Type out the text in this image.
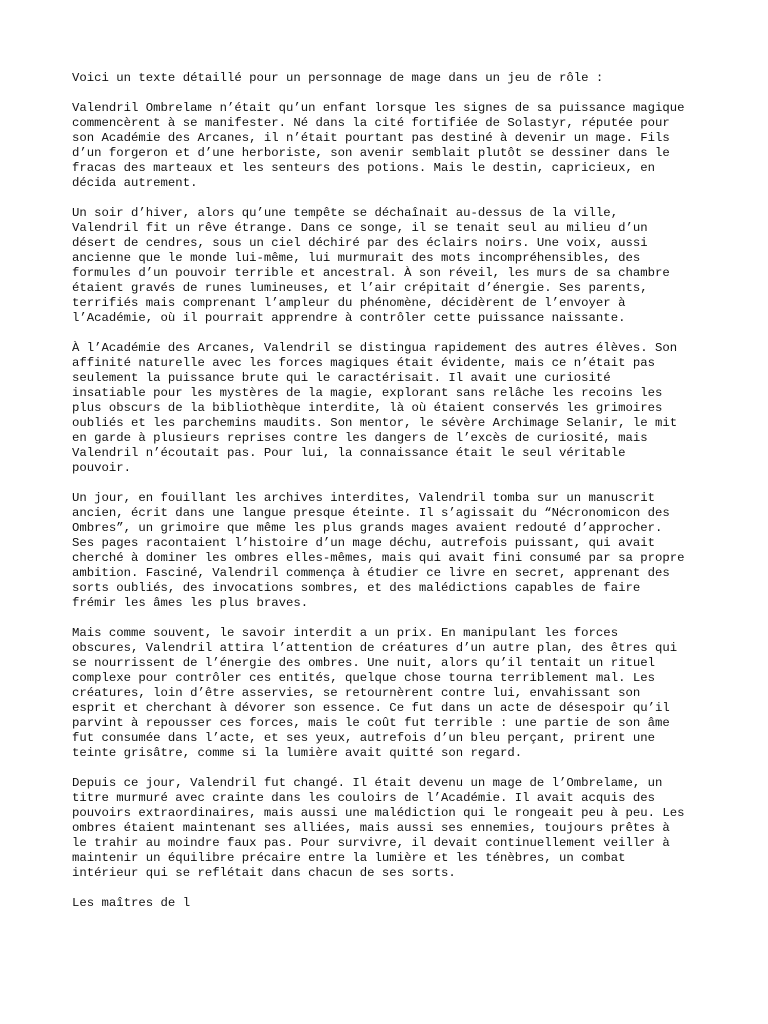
Voici un texte détaillé pour un personnage de mage dans un jeu de rôle :
Valendril Ombrelame n’était qu’un enfant lorsque les signes de sa puissance magique
commencèrent à se manifester. Né dans la cité fortifiée de Solastyr, réputée pour
son Académie des Arcanes, il n’était pourtant pas destiné à devenir un mage. Fils
d’un forgeron et d’une herboriste, son avenir semblait plutôt se dessiner dans le
fracas des marteaux et les senteurs des potions. Mais le destin, capricieux, en
décida autrement.
Un soir d’hiver, alors qu’une tempête se déchaînait au-dessus de la ville,
Valendril fit un rêve étrange. Dans ce songe, il se tenait seul au milieu d’un
désert de cendres, sous un ciel déchiré par des éclairs noirs. Une voix, aussi
ancienne que le monde lui-même, lui murmurait des mots incompréhensibles, des
formules d’un pouvoir terrible et ancestral. À son réveil, les murs de sa chambre
étaient gravés de runes lumineuses, et l’air crépitait d’énergie. Ses parents,
terrifiés mais comprenant l’ampleur du phénomène, décidèrent de l’envoyer à
l’Académie, où il pourrait apprendre à contrôler cette puissance naissante.
À l’Académie des Arcanes, Valendril se distingua rapidement des autres élèves. Son
affinité naturelle avec les forces magiques était évidente, mais ce n’était pas
seulement la puissance brute qui le caractérisait. Il avait une curiosité
insatiable pour les mystères de la magie, explorant sans relâche les recoins les
plus obscurs de la bibliothèque interdite, là où étaient conservés les grimoires
oubliés et les parchemins maudits. Son mentor, le sévère Archimage Selanir, le mit
en garde à plusieurs reprises contre les dangers de l’excès de curiosité, mais
Valendril n’écoutait pas. Pour lui, la connaissance était le seul véritable
pouvoir.
Un jour, en fouillant les archives interdites, Valendril tomba sur un manuscrit
ancien, écrit dans une langue presque éteinte. Il s’agissait du “Nécronomicon des
Ombres”, un grimoire que même les plus grands mages avaient redouté d’approcher.
Ses pages racontaient l’histoire d’un mage déchu, autrefois puissant, qui avait
cherché à dominer les ombres elles-mêmes, mais qui avait fini consumé par sa propre
ambition. Fasciné, Valendril commença à étudier ce livre en secret, apprenant des
sorts oubliés, des invocations sombres, et des malédictions capables de faire
frémir les âmes les plus braves.
Mais comme souvent, le savoir interdit a un prix. En manipulant les forces
obscures, Valendril attira l’attention de créatures d’un autre plan, des êtres qui
se nourrissent de l’énergie des ombres. Une nuit, alors qu’il tentait un rituel
complexe pour contrôler ces entités, quelque chose tourna terriblement mal. Les
créatures, loin d’être asservies, se retournèrent contre lui, envahissant son
esprit et cherchant à dévorer son essence. Ce fut dans un acte de désespoir qu’il
parvint à repousser ces forces, mais le coût fut terrible : une partie de son âme
fut consumée dans l’acte, et ses yeux, autrefois d’un bleu perçant, prirent une
teinte grisâtre, comme si la lumière avait quitté son regard.
Depuis ce jour, Valendril fut changé. Il était devenu un mage de l’Ombrelame, un
titre murmuré avec crainte dans les couloirs de l’Académie. Il avait acquis des
pouvoirs extraordinaires, mais aussi une malédiction qui le rongeait peu à peu. Les
ombres étaient maintenant ses alliées, mais aussi ses ennemies, toujours prêtes à
le trahir au moindre faux pas. Pour survivre, il devait continuellement veiller à
maintenir un équilibre précaire entre la lumière et les ténèbres, un combat
intérieur qui se reflétait dans chacun de ses sorts.
Les maîtres de l
